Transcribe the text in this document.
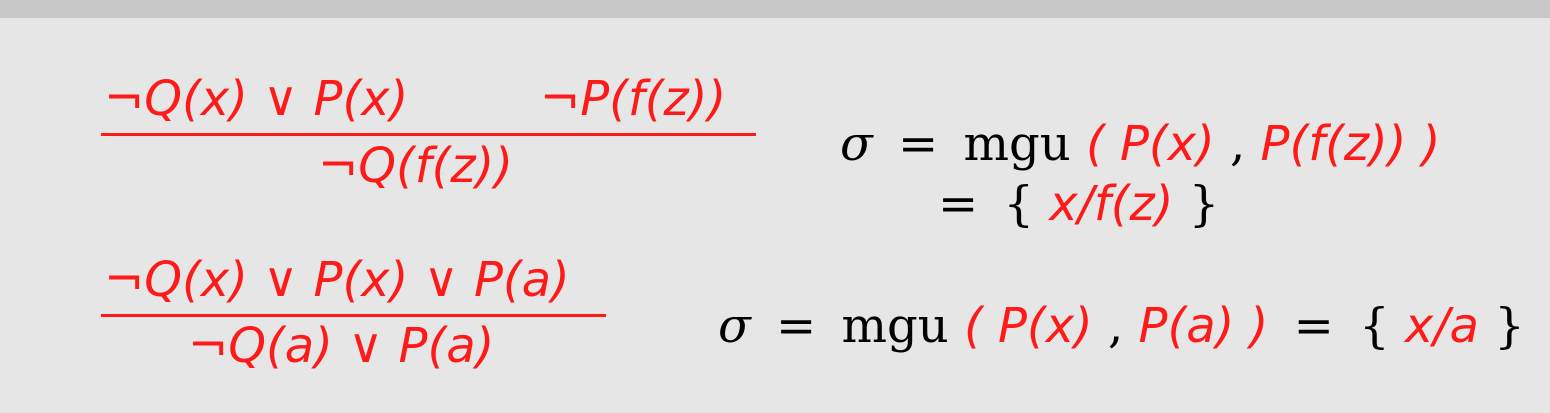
¬Q(x) ∨ P(x)	¬P(f(z))
¬Q(f(z))	σ = mgu ( P(x) , P(f(z)) )
= { x/f(z) }
¬Q(x) ∨ P(x) ∨ P(a)
¬Q(a) ∨ P(a)	σ = mgu ( P(x) , P(a) ) = { x/a }
